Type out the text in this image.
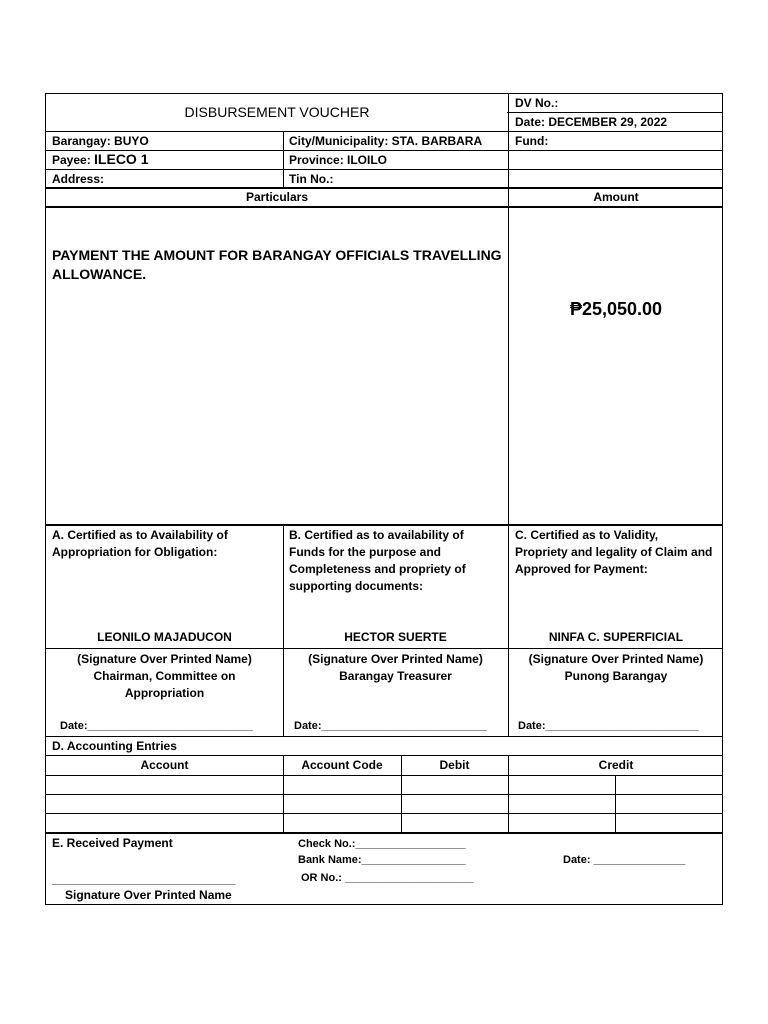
DISBURSEMENT VOUCHER
DV No.:
Date: DECEMBER 29, 2022
Fund:
Barangay: BUYO	City/Municipality: STA. BARBARA
Payee: ILECO 1	Province: ILOILO
Address:	Tin No.:
Particulars	Amount
PAYMENT THE AMOUNT FOR BARANGAY OFFICIALS TRAVELLING
ALLOWANCE.
₱25,050.00
A. Certified as to Availability of
Appropriation for Obligation:
LEONILO MAJADUCON
(Signature Over Printed Name)
Chairman, Committee on
Appropriation
Date:___________________________
B. Certified as to availability of
Funds for the purpose and
Completeness and propriety of
supporting documents:
HECTOR SUERTE
(Signature Over Printed Name)
Barangay Treasurer
Date:___________________________
C. Certified as to Validity,
Propriety and legality of Claim and
Approved for Payment:
NINFA C. SUPERFICIAL
(Signature Over Printed Name)
Punong Barangay
Date:_________________________
D. Accounting Entries
Account	Account Code	Debit	Credit
E. Received Payment	Check No.:__________________
Bank Name:_________________
OR No.: _____________________
Date: _______________
______________________________
Signature Over Printed Name
